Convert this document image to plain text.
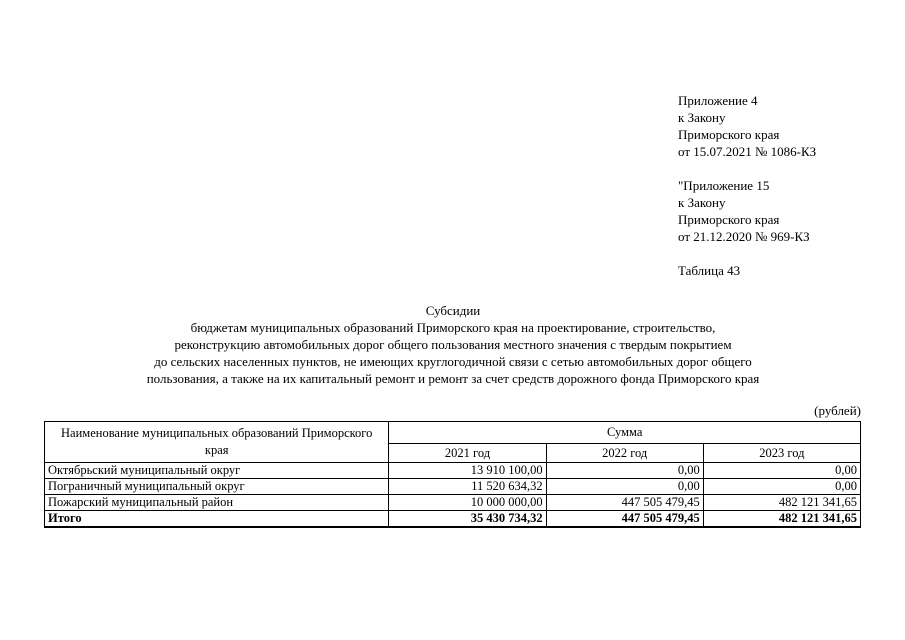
Приложение 4
к Закону
Приморского края
от 15.07.2021 № 1086-КЗ
"Приложение 15
к Закону
Приморского края
от 21.12.2020 № 969-КЗ
Таблица 43
Субсидии
бюджетам муниципальных образований Приморского края на проектирование, строительство,
реконструкцию автомобильных дорог общего пользования местного значения с твердым покрытием
до сельских населенных пунктов, не имеющих круглогодичной связи с сетью автомобильных дорог общего
пользования, а также на их капитальный ремонт и ремонт за счет средств дорожного фонда Приморского края
(рублей)
Наименование муниципальных образований Приморского края	Сумма		
	2021 год	2022 год	2023 год
Октябрьский муниципальный округ	13 910 100,00	0,00	0,00
Пограничный муниципальный округ	11 520 634,32	0,00	0,00
Пожарский муниципальный район	10 000 000,00	447 505 479,45	482 121 341,65
Итого	35 430 734,32	447 505 479,45	482 121 341,65
